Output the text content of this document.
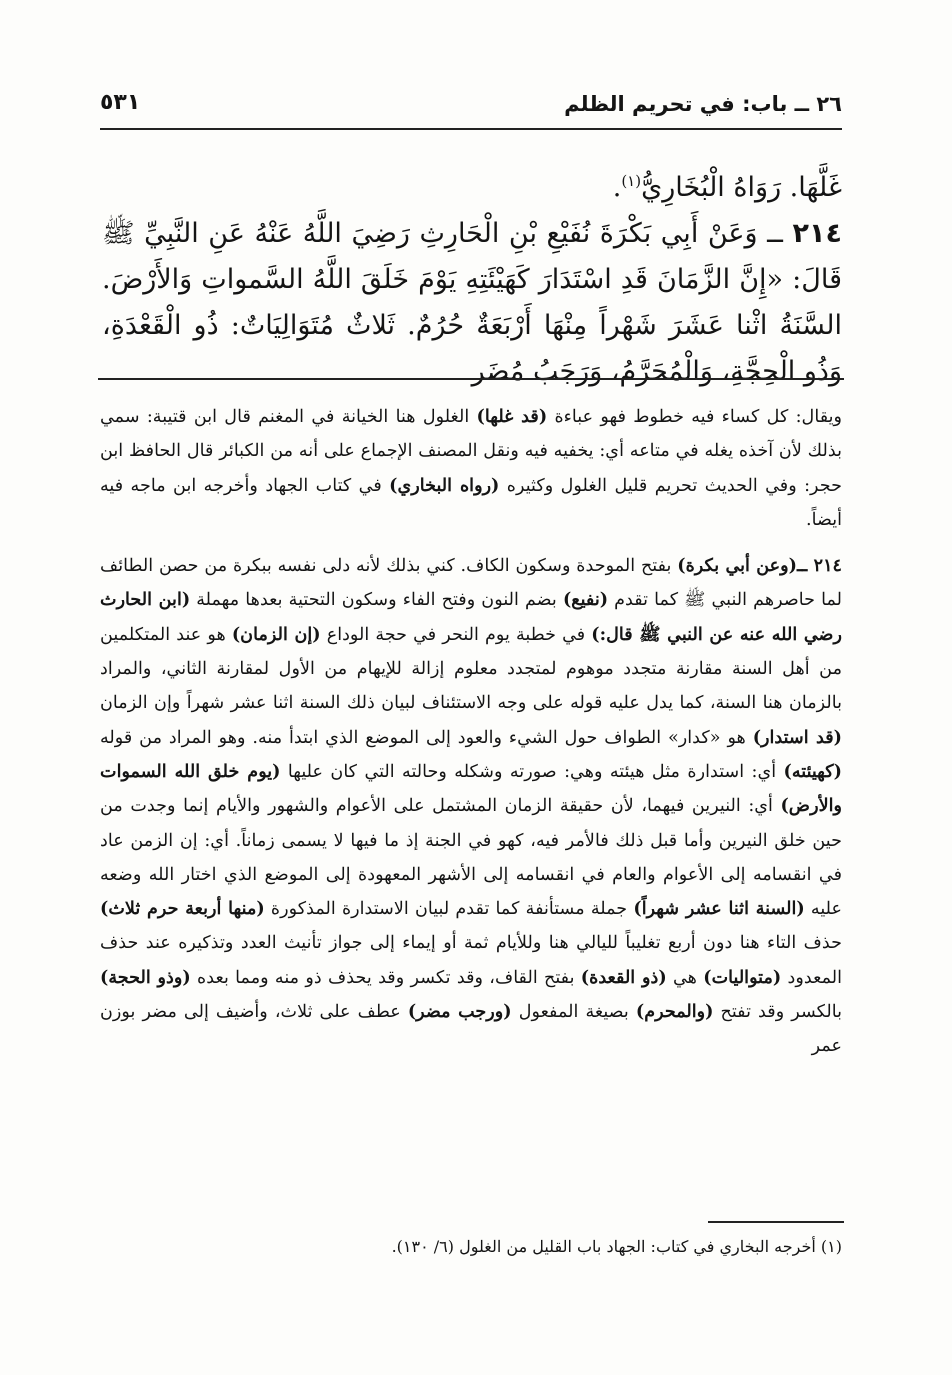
٢٦ ــ باب: في تحريم الظلم
٥٣١

غَلَّهَا. رَوَاهُ الْبُخَارِيُّ$^{(١)}$.

٢١٤ ــ وَعَنْ أَبِي بَكْرَةَ نُفَيْعِ بْنِ الْحَارِثِ رَضِيَ اللَّهُ عَنْهُ عَنِ النَّبِيِّ ﷺ قَالَ: «إِنَّ الزَّمَانَ قَدِ اسْتَدَارَ كَهَيْئَتِهِ يَوْمَ خَلَقَ اللَّهُ السَّمواتِ وَالأَرْضَ. السَّنَةُ اثْنا عَشَرَ شَهْراً مِنْهَا أَرْبَعَةٌ حُرُمٌ. ثَلاثٌ مُتَوَالِيَاتٌ: ذُو الْقَعْدَةِ، وَذُو الْحِجَّةِ، وَالْمُحَرَّمُ، وَرَجَبُ مُضَر

ويقال: كل كساء فيه خطوط فهو عباءة (قد غلها) الغلول هنا الخيانة في المغنم قال ابن قتيبة: سمي بذلك لأن آخذه يغله في متاعه أي: يخفيه فيه ونقل المصنف الإجماع على أنه من الكبائر قال الحافظ ابن حجر: وفي الحديث تحريم قليل الغلول وكثيره (رواه البخاري) في كتاب الجهاد وأخرجه ابن ماجه فيه أيضاً.

٢١٤ ــ(وعن أبي بكرة) بفتح الموحدة وسكون الكاف. كني بذلك لأنه دلى نفسه ببكرة من حصن الطائف لما حاصرهم النبي ﷺ كما تقدم (نفيع) بضم النون وفتح الفاء وسكون التحتية بعدها مهملة (ابن الحارث رضي الله عنه عن النبي ﷺ قال:) في خطبة يوم النحر في حجة الوداع (إن الزمان) هو عند المتكلمين من أهل السنة مقارنة متجدد موهوم لمتجدد معلوم إزالة للإيهام من الأول لمقارنة الثاني، والمراد بالزمان هنا السنة، كما يدل عليه قوله على وجه الاستئناف لبيان ذلك السنة اثنا عشر شهراً وإن الزمان (قد استدار) هو «كدار» الطواف حول الشيء والعود إلى الموضع الذي ابتدأ منه. وهو المراد من قوله (كهيئته) أي: استدارة مثل هيئته وهي: صورته وشكله وحالته التي كان عليها (يوم خلق الله السموات والأرض) أي: النيرين فيهما، لأن حقيقة الزمان المشتمل على الأعوام والشهور والأيام إنما وجدت من حين خلق النيرين وأما قبل ذلك فالأمر فيه، كهو في الجنة إذ ما فيها لا يسمى زماناً. أي: إن الزمن عاد في انقسامه إلى الأعوام والعام في انقسامه إلى الأشهر المعهودة إلى الموضع الذي اختار الله وضعه عليه (السنة اثنا عشر شهراً) جملة مستأنفة كما تقدم لبيان الاستدارة المذكورة (منها أربعة حرم ثلاث) حذف التاء هنا دون أربع تغليباً لليالي هنا وللأيام ثمة أو إيماء إلى جواز تأنيث العدد وتذكيره عند حذف المعدود (متواليات) هي (ذو القعدة) بفتح القاف، وقد تكسر وقد يحذف ذو منه ومما بعده (وذو الحجة) بالكسر وقد تفتح (والمحرم) بصيغة المفعول (ورجب مضر) عطف على ثلاث، وأضيف إلى مضر بوزن عمر

(١) أخرجه البخاري في كتاب: الجهاد باب القليل من الغلول (٦/ ١٣٠).
